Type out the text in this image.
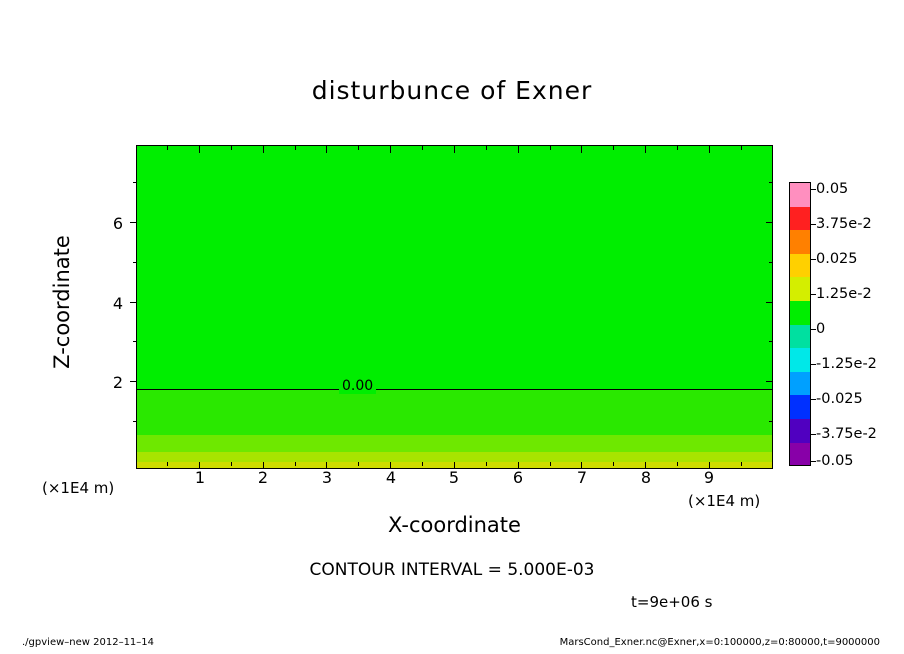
disturbunce of Exner
0.00
1	2	3	4	5	6	7	8	9
2
4
6
X-coordinate
Z-coordinate
(×1E4 m)
(×1E4 m)
0.05
3.75e-2
0.025
1.25e-2
0
-1.25e-2
-0.025
-3.75e-2
-0.05
CONTOUR INTERVAL = 5.000E-03
t=9e+06 s
./gpview–new 2012–11–14	MarsCond_Exner.nc@Exner,x=0:100000,z=0:80000,t=9000000
